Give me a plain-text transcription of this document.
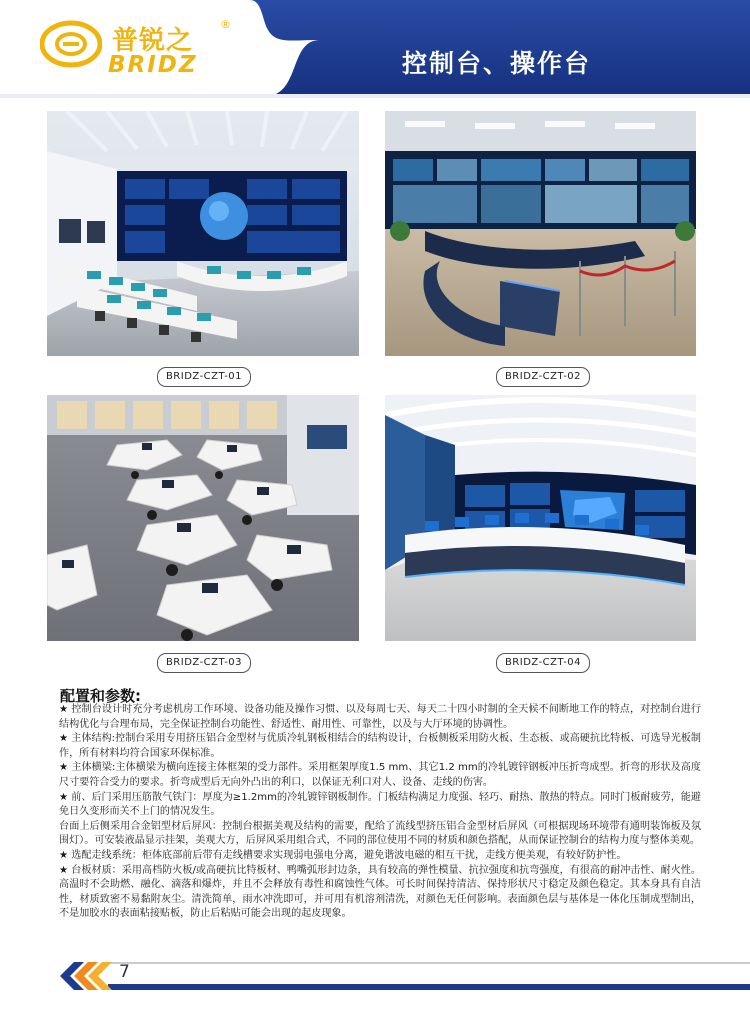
普锐之
®
BRIDZ	控制台、操作台
BRIDZ-CZT-01	BRIDZ-CZT-02
BRIDZ-CZT-03	BRIDZ-CZT-04
配置和参数:

★ 控制台设计时充分考虑机房工作环境、设备功能及操作习惯、以及每周七天、每天二十四小时制的全天候不间断地工作的特点，对控制台进行结构优化与合理布局，完全保证控制台功能性、舒适性、耐用性、可靠性，以及与大厅环境的协调性。

★ 主体结构:控制台采用专用挤压铝合金型材与优质冷轧钢板相结合的结构设计，台板侧板采用防火板、生态板、或高硬抗比特板、可选导光板制作，所有材料均符合国家环保标准。

★ 主体横梁:主体横梁为横向连接主体框架的受力部件。采用框架厚度1.5 mm、其它1.2 mm的冷轧镀锌钢板冲压折弯成型。折弯的形状及高度尺寸要符合受力的要求。折弯成型后无向外凸出的利口，以保证无利口对人、设备、走线的伤害。

★ 前、后门采用压筋散气铁门：厚度为≥1.2mm的冷轧镀锌钢板制作。门板结构满足力度强、轻巧、耐热、散热的特点。同时门板耐疲劳，能避免日久变形而关不上门的情况发生。

台面上后侧采用合金铝型材后屏风：控制台根据美观及结构的需要，配给了流线型挤压铝合金型材后屏风（可根据现场环境带有通明装饰板及氛围灯）。可安装液晶显示挂架，美观大方，后屏风采用组合式，不同的部位使用不同的材质和颜色搭配，从而保证控制台的结构力度与整体美观。

★ 选配走线系统：柜体底部前后带有走线槽要求实现弱电强电分离，避免谐波电磁的相互干扰，走线方便美观，有较好防护性。

★ 台板材质：采用高档防火板/或高硬抗比特板材、鸭嘴弧形封边条，具有较高的弹性模量、抗拉强度和抗弯强度，有很高的耐冲击性、耐火性。高温时不会助燃、融化、滴落和爆炸，并且不会释放有毒性和腐蚀性气体。可长时间保持清洁、保持形状尺寸稳定及颜色稳定。其本身具有自洁性，材质致密不易黏附灰尘。清洗简单，雨水冲洗即可，并可用有机溶剂清洗，对颜色无任何影响。表面颜色层与基体是一体化压制成型制出，不是加胶水的表面粘接贴板，防止后粘贴可能会出现的起皮现象。

7
